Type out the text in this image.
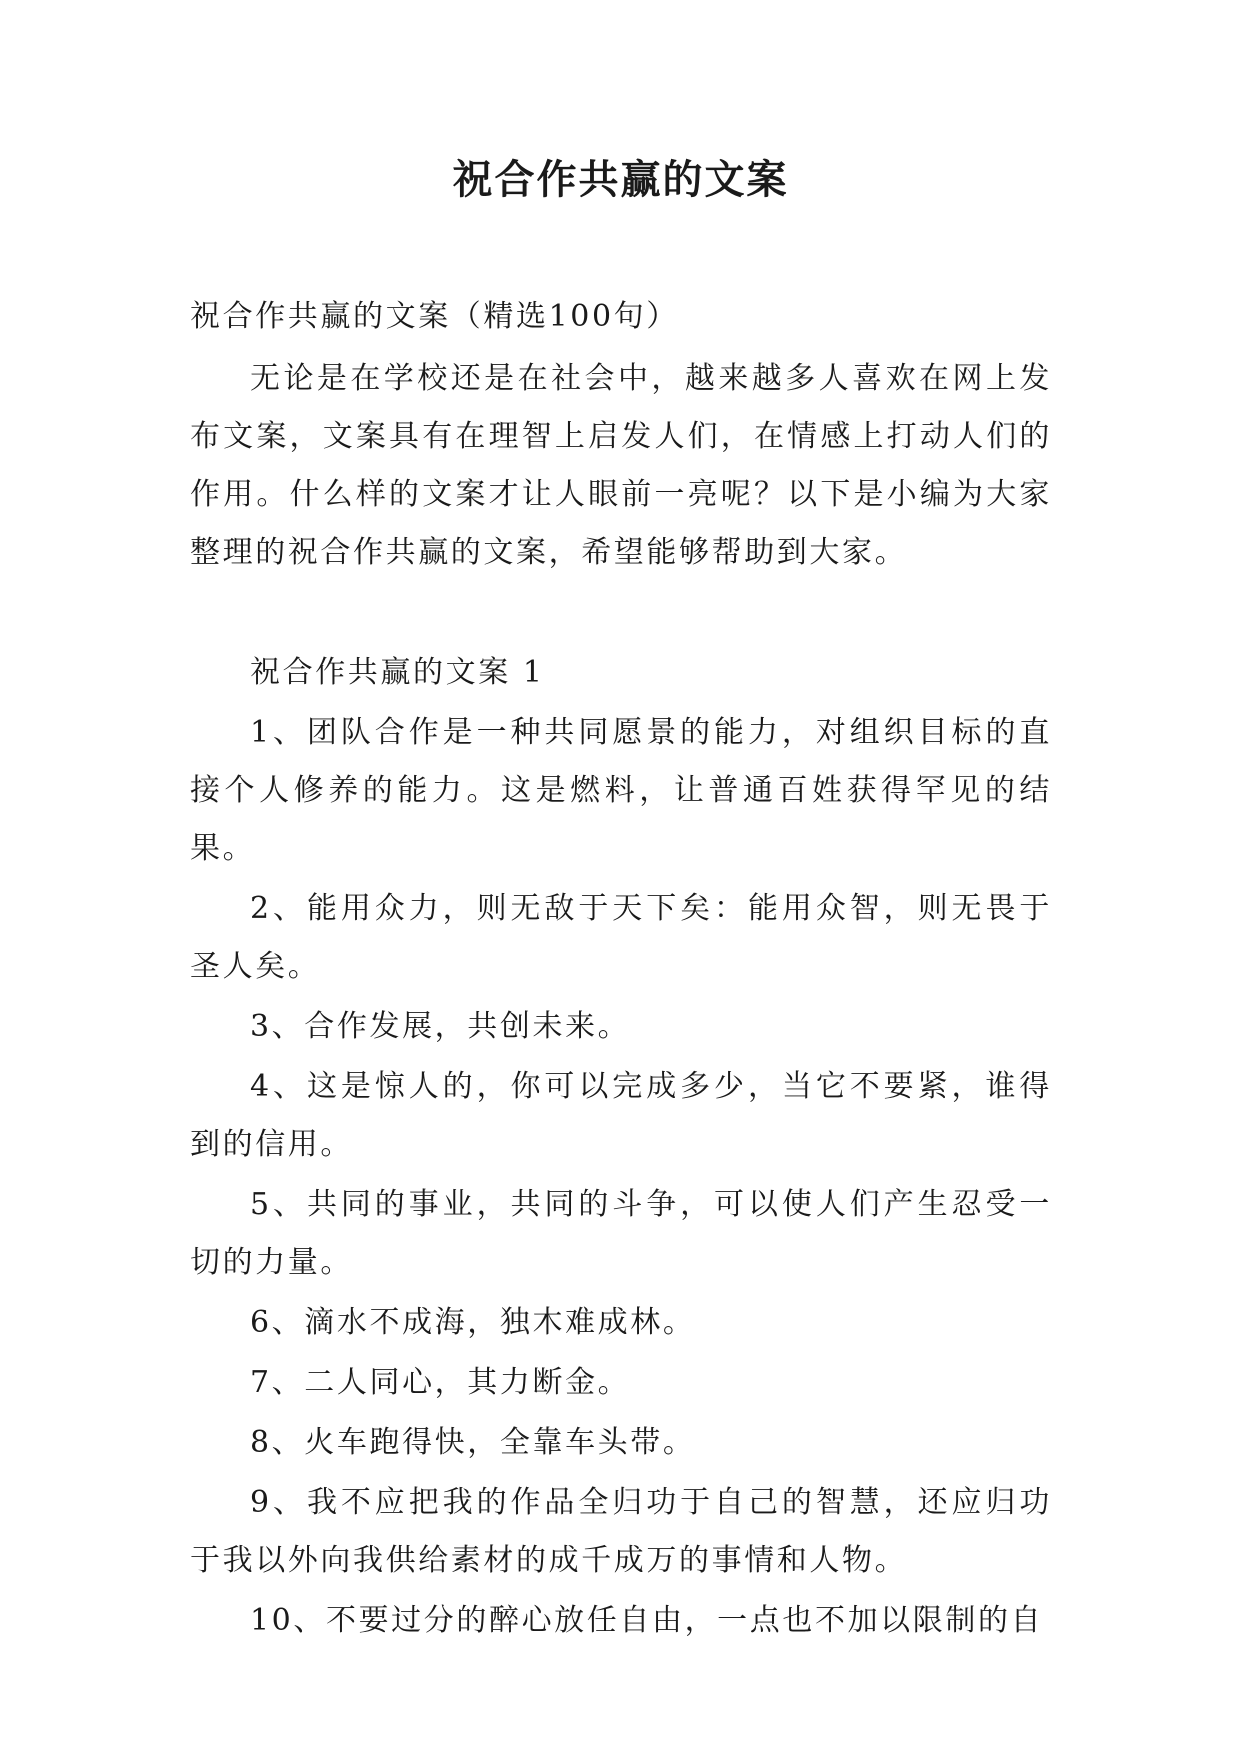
祝合作共赢的文案

祝合作共赢的文案（精选100句）

无论是在学校还是在社会中，越来越多人喜欢在网上发布文案，文案具有在理智上启发人们，在情感上打动人们的作用。什么样的文案才让人眼前一亮呢？以下是小编为大家整理的祝合作共赢的文案，希望能够帮助到大家。

祝合作共赢的文案 1

1、团队合作是一种共同愿景的能力，对组织目标的直接个人修养的能力。这是燃料，让普通百姓获得罕见的结果。

2、能用众力，则无敌于天下矣：能用众智，则无畏于圣人矣。

3、合作发展，共创未来。

4、这是惊人的，你可以完成多少，当它不要紧，谁得到的信用。

5、共同的事业，共同的斗争，可以使人们产生忍受一切的力量。

6、滴水不成海，独木难成林。

7、二人同心，其力断金。

8、火车跑得快，全靠车头带。

9、我不应把我的作品全归功于自己的智慧，还应归功于我以外向我供给素材的成千成万的事情和人物。

10、不要过分的醉心放任自由，一点也不加以限制的自
